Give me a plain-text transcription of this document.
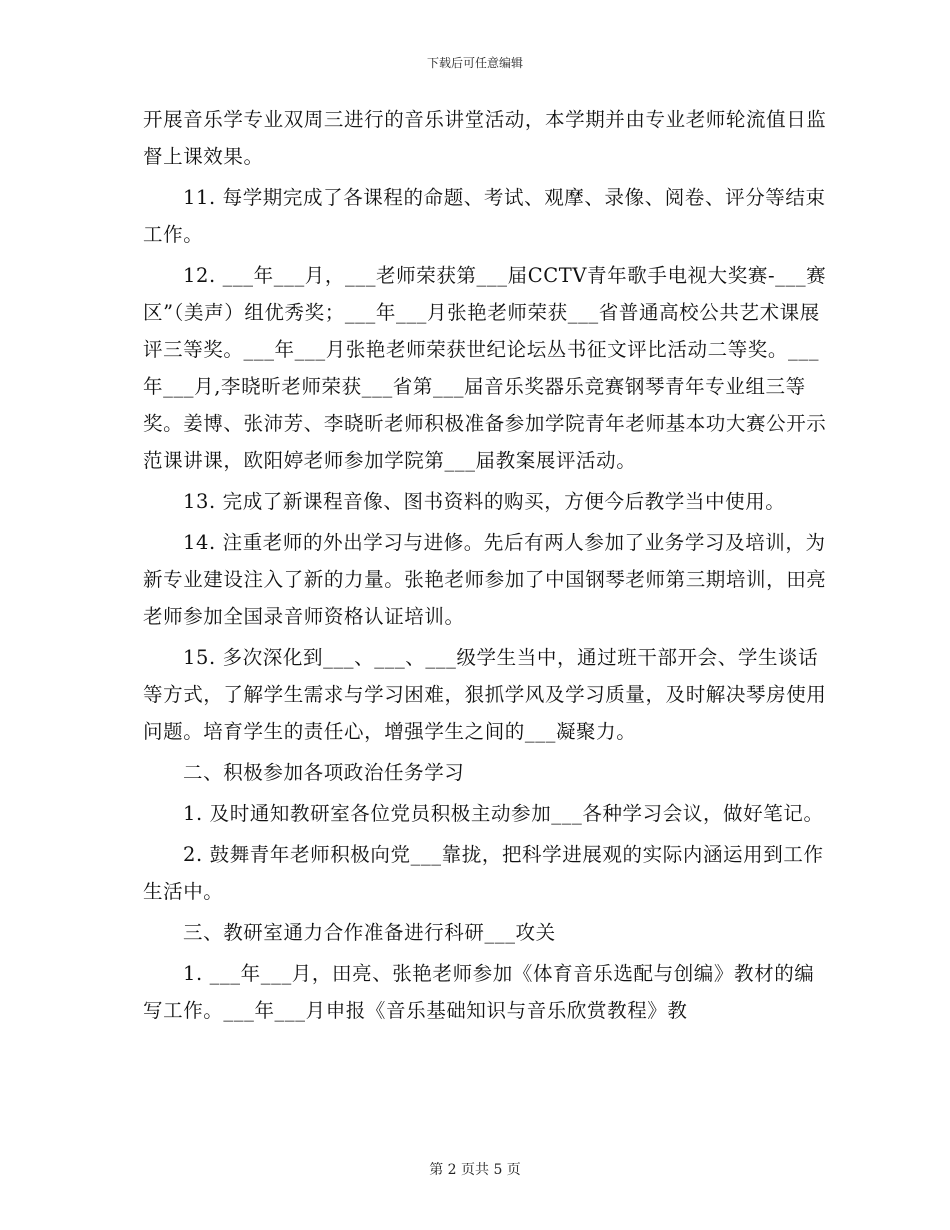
下载后可任意编辑

开展音乐学专业双周三进行的音乐讲堂活动，本学期并由专业老师轮流值日监督上课效果。

11. 每学期完成了各课程的命题、考试、观摩、录像、阅卷、评分等结束工作。

12. ___年___月，___老师荣获第___届CCTV青年歌手电视大奖赛-___赛区”（美声）组优秀奖；___年___月张艳老师荣获___省普通高校公共艺术课展评三等奖。___年___月张艳老师荣获世纪论坛丛书征文评比活动二等奖。___年___月,李晓昕老师荣获___省第___届音乐奖器乐竞赛钢琴青年专业组三等奖。姜博、张沛芳、李晓昕老师积极准备参加学院青年老师基本功大赛公开示范课讲课，欧阳婷老师参加学院第___届教案展评活动。

13. 完成了新课程音像、图书资料的购买，方便今后教学当中使用。

14. 注重老师的外出学习与进修。先后有两人参加了业务学习及培训，为新专业建设注入了新的力量。张艳老师参加了中国钢琴老师第三期培训，田亮老师参加全国录音师资格认证培训。

15. 多次深化到___、___、___级学生当中，通过班干部开会、学生谈话等方式，了解学生需求与学习困难，狠抓学风及学习质量，及时解决琴房使用问题。培育学生的责任心，增强学生之间的___凝聚力。

二、积极参加各项政治任务学习

1. 及时通知教研室各位党员积极主动参加___各种学习会议，做好笔记。

2. 鼓舞青年老师积极向党___靠拢，把科学进展观的实际内涵运用到工作生活中。

三、教研室通力合作准备进行科研___攻关

1. ___年___月，田亮、张艳老师参加《体育音乐选配与创编》教材的编写工作。___年___月申报《音乐基础知识与音乐欣赏教程》教

第 2 页共 5 页
